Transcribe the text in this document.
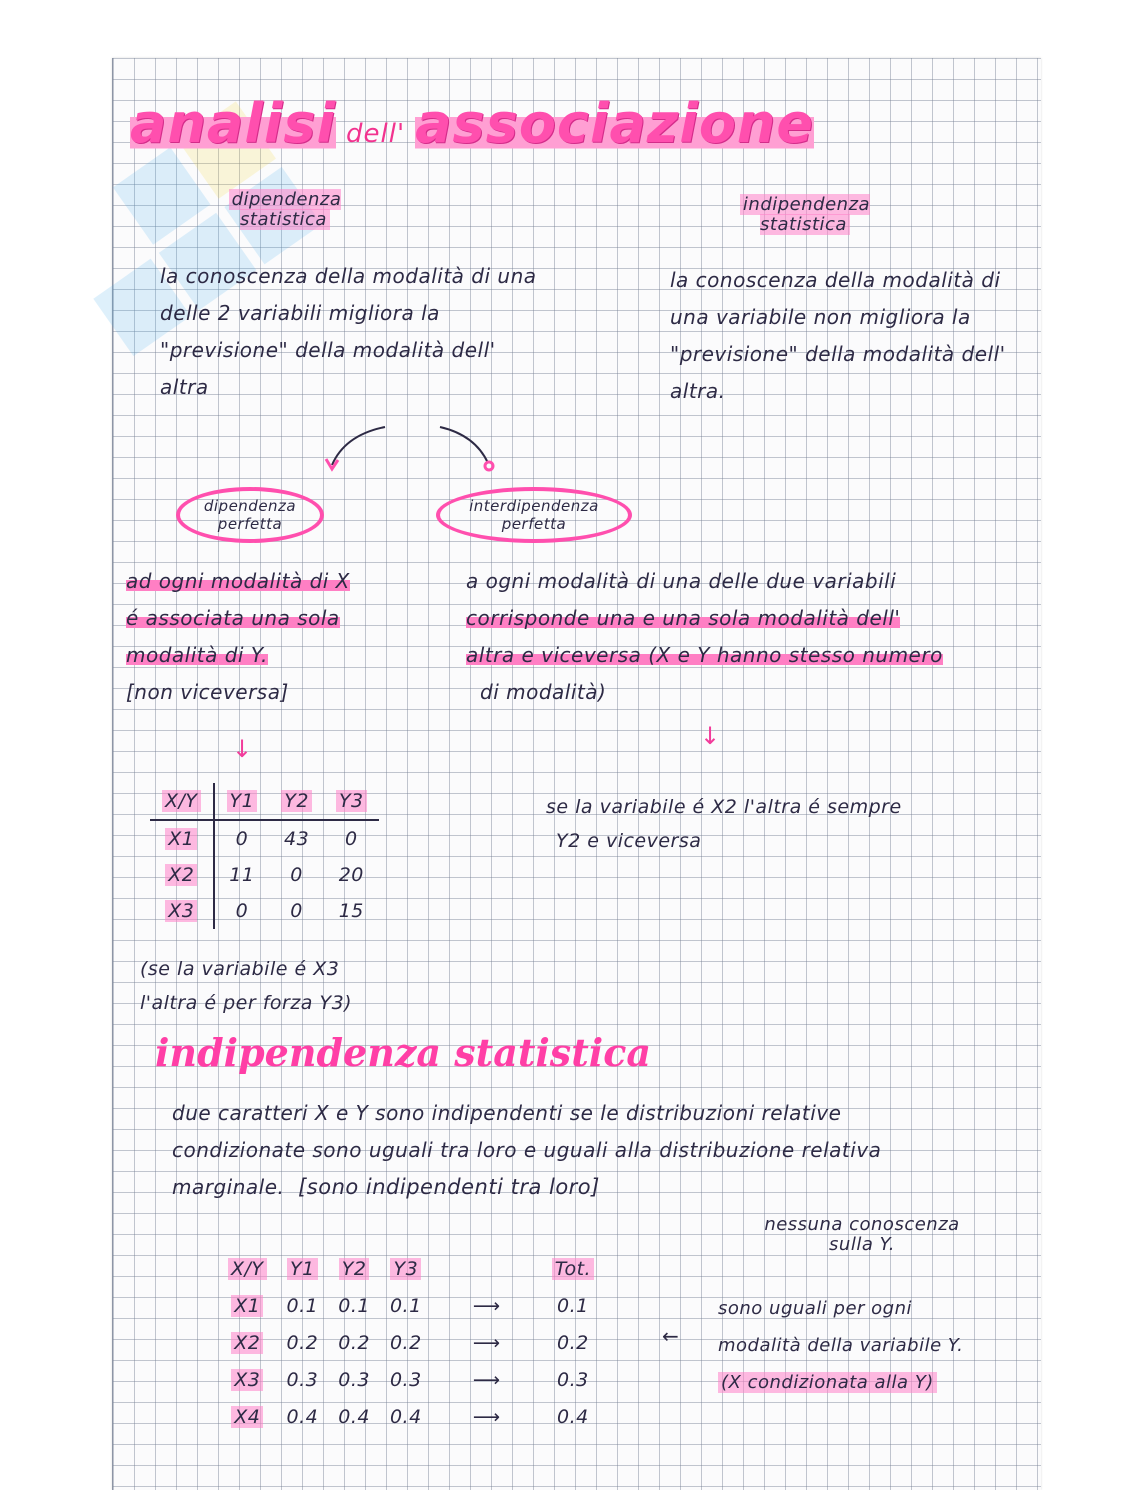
analisi dell' associazione
dipendenza statistica
indipendenza statistica
la conoscenza della modalità di una delle 2 variabili migliora la "previsione" della modalità dell' altra
la conoscenza della modalità di una variabile non migliora la "previsione" della modalità dell' altra.
dipendenza perfetta
interdipendenza perfetta
ad ogni modalità di X
é associata una sola
modalità di Y.
[non viceversa]
a ogni modalità di una delle due variabili
corrisponde una e una sola modalità dell'
altra e viceversa (X e Y hanno stesso numero
di modalità)
↓	↓
X/Y	Y1	Y2	Y3
X1	0	43	0
X2	11	0	20
X3	0	0	15
se la variabile é X2 l'altra é sempre
Y2 e viceversa
(se la variabile é X3
l'altra é per forza Y3)
indipendenza statistica
due caratteri X e Y sono indipendenti se le distribuzioni relative
condizionate sono uguali tra loro e uguali alla distribuzione relativa
marginale. [sono indipendenti tra loro]
nessuna conoscenza
sulla Y.
X/Y	Y1	Y2	Y3		Tot.
X1	0.1	0.1	0.1	⟶	0.1
X2	0.2	0.2	0.2	⟶	0.2
X3	0.3	0.3	0.3	⟶	0.3
X4	0.4	0.4	0.4	⟶	0.4
←
sono uguali per ogni
modalità della variabile Y.
(X condizionata alla Y)
